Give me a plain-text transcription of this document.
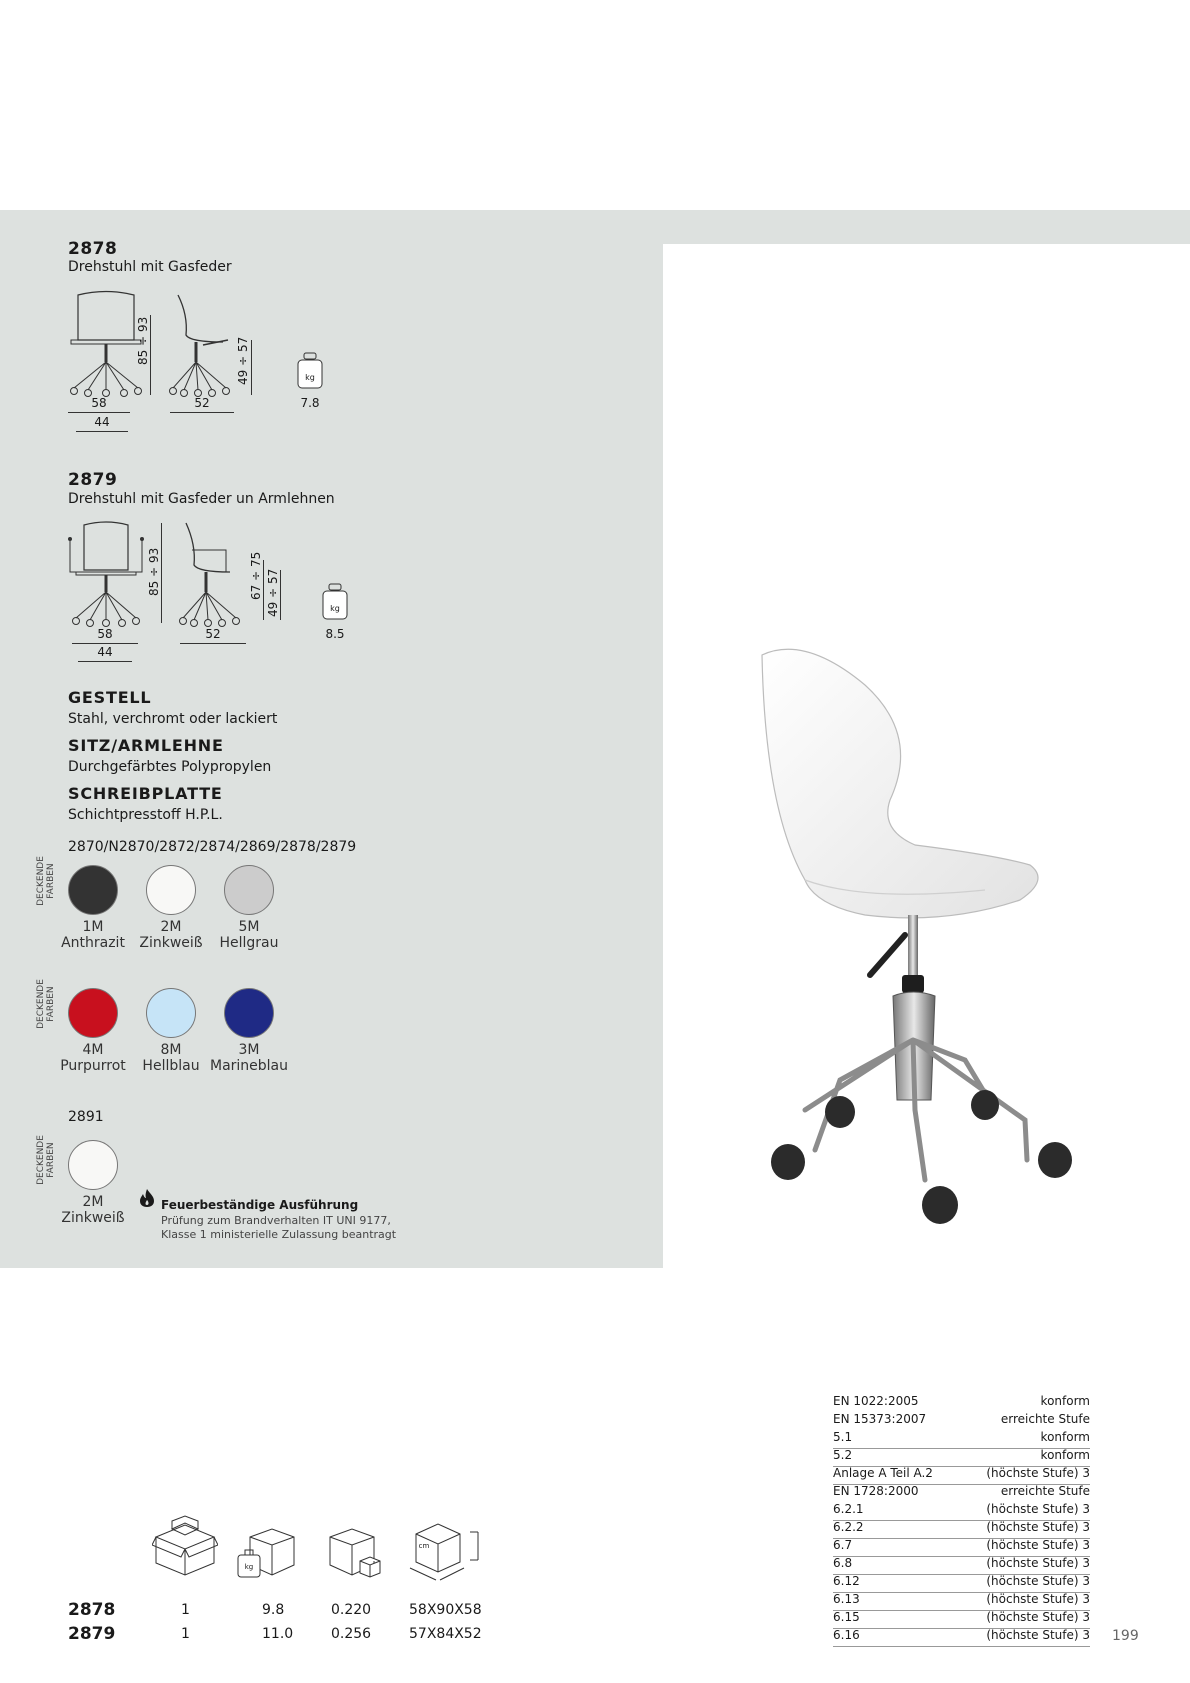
2878
Drehstuhl mit Gasfeder
85 ÷ 93
58
44
49 ÷ 57
52
kg
7.8
2879
Drehstuhl mit Gasfeder un Armlehnen
85 ÷ 93
58
44
67 ÷ 75 49 ÷ 57
52
kg
8.5
GESTELL
Stahl, verchromt oder lackiert
SITZ/ARMLEHNE
Durchgefärbtes Polypropylen
SCHREIBPLATTE
Schichtpresstoff H.P.L.
2870/N2870/2872/2874/2869/2878/2879
DECKENDE FARBEN
1M
Anthrazit
2M
Zinkweiß
5M
Hellgrau
DECKENDE FARBEN
4M
Purpurrot
8M
Hellblau
3M
Marineblau
2891
DECKENDE FARBEN
2M
Zinkweiß
Feuerbeständige Ausführung
Prüfung zum Brandverhalten IT UNI 9177,
Klasse 1 ministerielle Zulassung beantragt
EN 1022:2005	konform
EN 15373:2007	erreichte Stufe
5.1	konform
5.2	konform
Anlage A Teil A.2	(höchste Stufe) 3
EN 1728:2000	erreichte Stufe
6.2.1	(höchste Stufe) 3
6.2.2	(höchste Stufe) 3
6.7	(höchste Stufe) 3
6.8	(höchste Stufe) 3
6.12	(höchste Stufe) 3
6.13	(höchste Stufe) 3
6.15	(höchste Stufe) 3
6.16	(höchste Stufe) 3
kg
cm
2878	1	9.8	0.220	58X90X58
2879	1	11.0	0.256	57X84X52	199
